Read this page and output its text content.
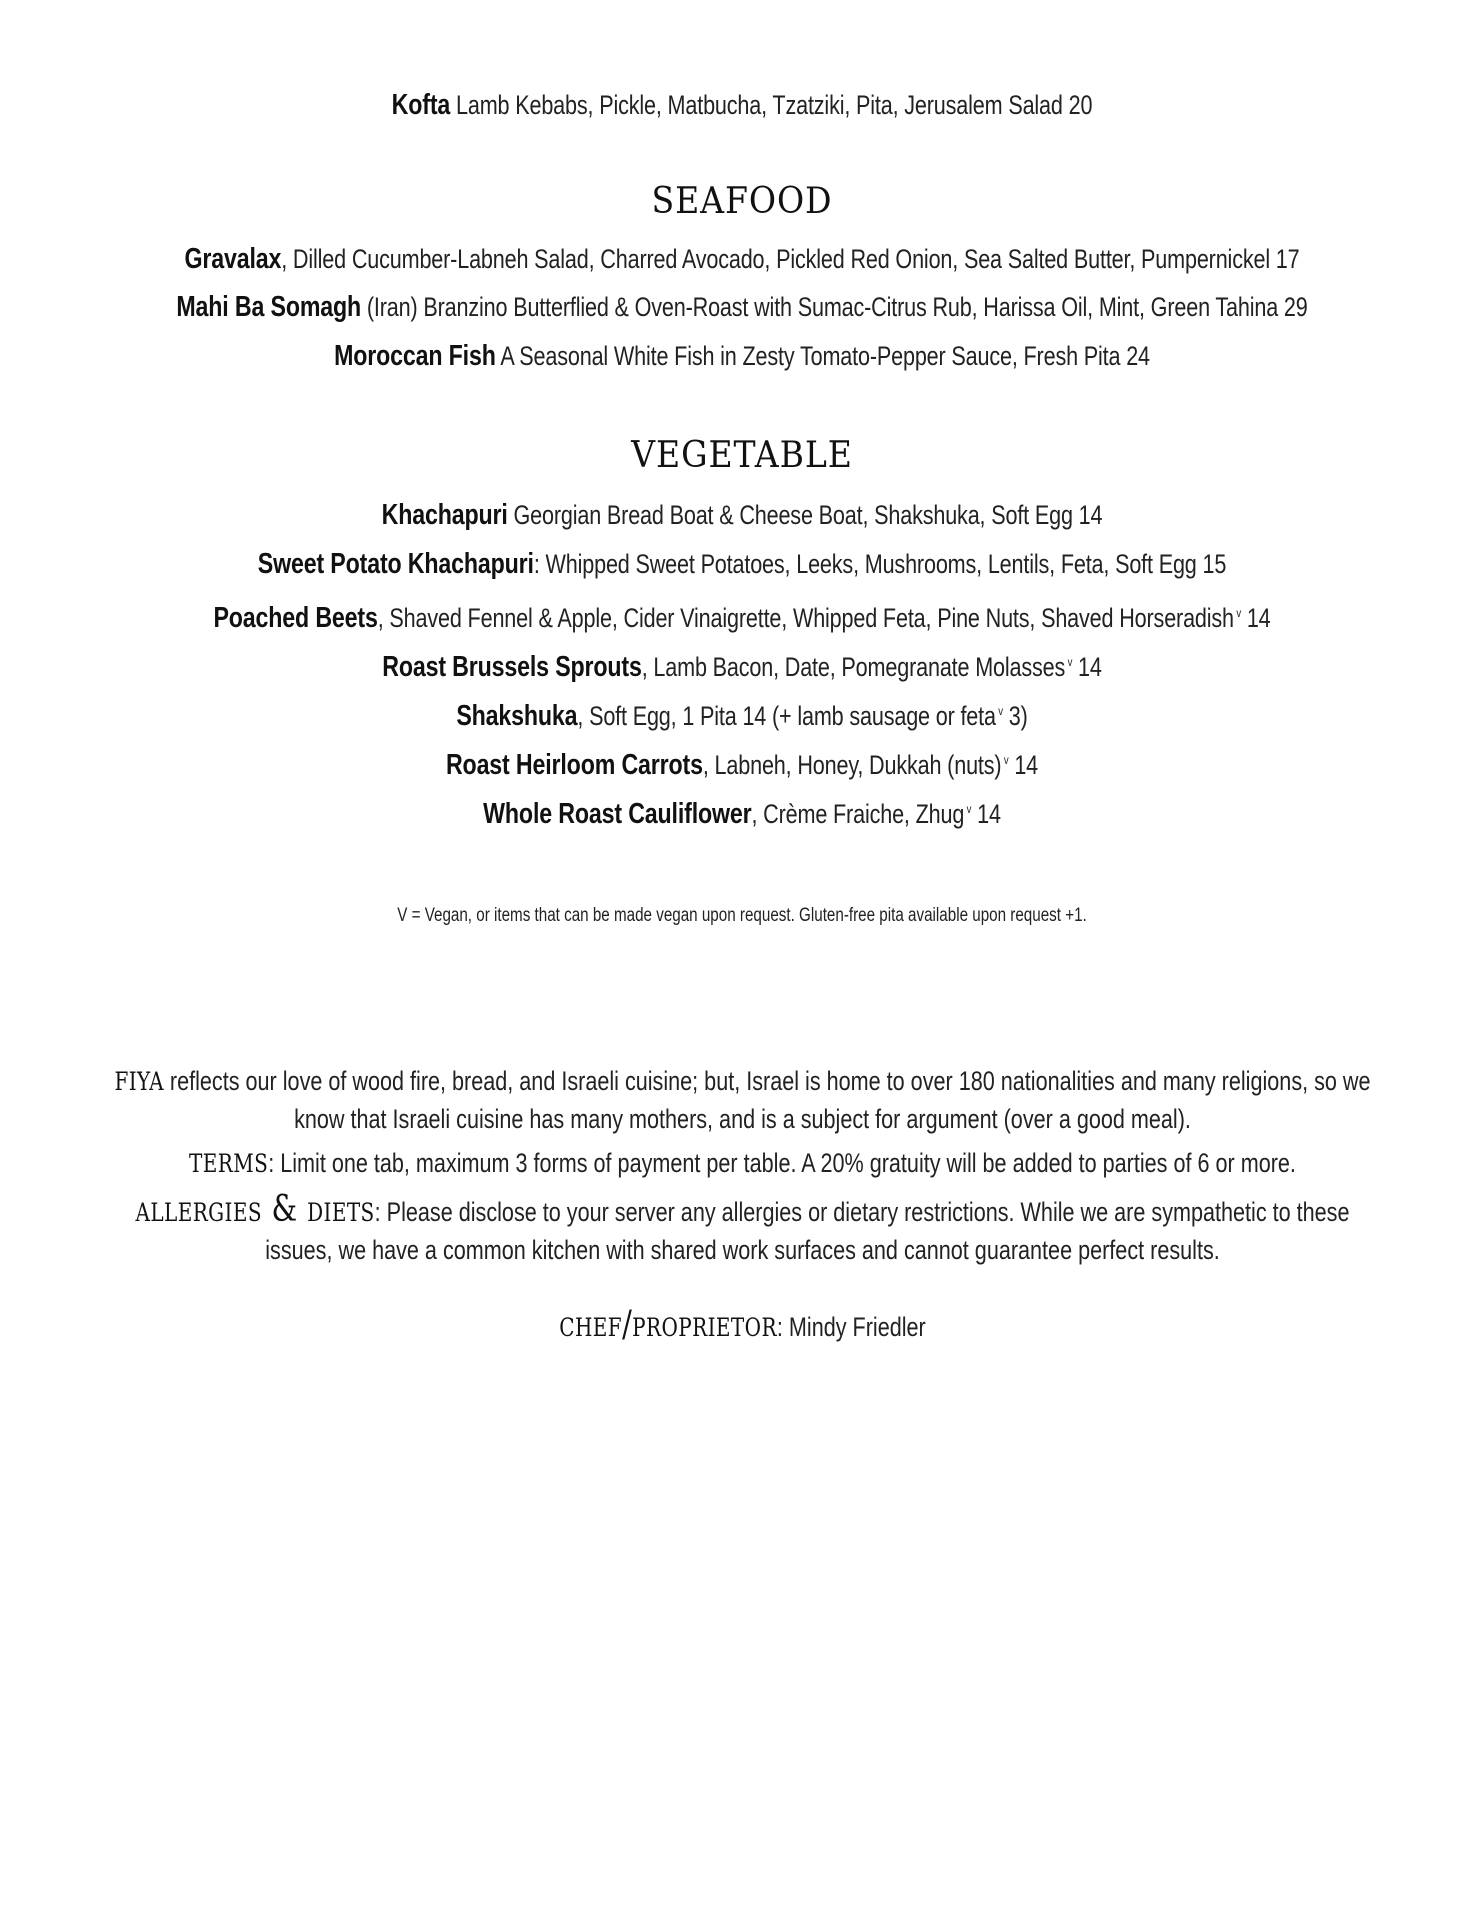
Kofta Lamb Kebabs, Pickle, Matbucha, Tzatziki, Pita, Jerusalem Salad 20
seafood
Gravalax, Dilled Cucumber-Labneh Salad, Charred Avocado, Pickled Red Onion, Sea Salted Butter, Pumpernickel 17
Mahi Ba Somagh (Iran) Branzino Butterflied & Oven-Roast with Sumac-Citrus Rub, Harissa Oil, Mint, Green Tahina 29
Moroccan Fish A Seasonal White Fish in Zesty Tomato-Pepper Sauce, Fresh Pita 24
vegetable
Khachapuri Georgian Bread Boat & Cheese Boat, Shakshuka, Soft Egg 14
Sweet Potato Khachapuri: Whipped Sweet Potatoes, Leeks, Mushrooms, Lentils, Feta, Soft Egg 15
Poached Beets, Shaved Fennel & Apple, Cider Vinaigrette, Whipped Feta, Pine Nuts, Shaved Horseradish $^v$ 14
Roast Brussels Sprouts, Lamb Bacon, Date, Pomegranate Molasses $^v$ 14
Shakshuka, Soft Egg, 1 Pita 14 (+ lamb sausage or feta $^v$ 3)
Roast Heirloom Carrots, Labneh, Honey, Dukkah (nuts) $^v$ 14
Whole Roast Cauliflower, Crème Fraiche, Zhug $^v$ 14
V = Vegan, or items that can be made vegan upon request. Gluten-free pita available upon request +1.
fiya reflects our love of wood fire, bread, and Israeli cuisine; but, Israel is home to over 180 nationalities and many religions, so we know that Israeli cuisine has many mothers, and is a subject for argument (over a good meal).
terms: Limit one tab, maximum 3 forms of payment per table. A 20% gratuity will be added to parties of 6 or more.
allergies & diets: Please disclose to your server any allergies or dietary restrictions. While we are sympathetic to these issues, we have a common kitchen with shared work surfaces and cannot guarantee perfect results.
chef/proprietor: Mindy Friedler
